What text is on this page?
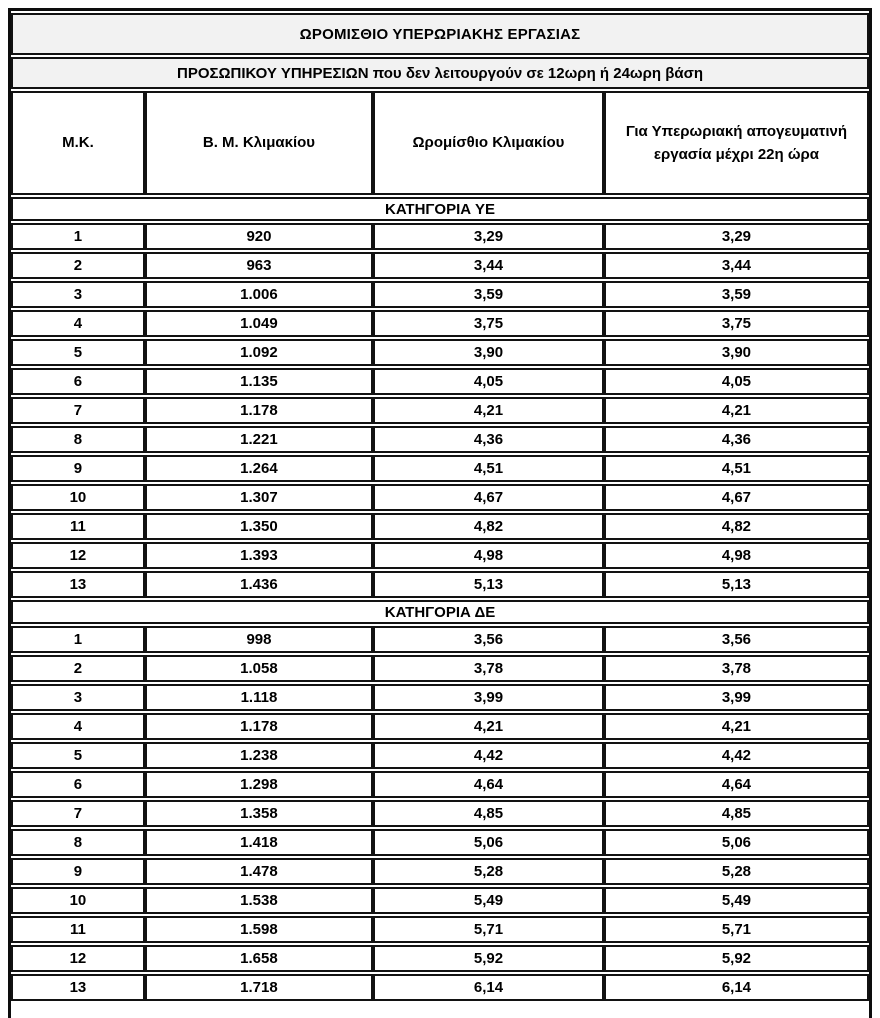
ΩΡΟΜΙΣΘΙΟ ΥΠΕΡΩΡΙΑΚΗΣ ΕΡΓΑΣΙΑΣ			
ΠΡΟΣΩΠΙΚΟΥ ΥΠΗΡΕΣΙΩΝ που δεν λειτουργούν σε 12ωρη ή 24ωρη βάση			
Μ.Κ.	Β. Μ. Κλιμακίου	Ωρομίσθιο Κλιμακίου	Για Υπερωριακή απογευματινή εργασία μέχρι 22η ώρα
ΚΑΤΗΓΟΡΙΑ ΥΕ			
1	920	3,29	3,29
2	963	3,44	3,44
3	1.006	3,59	3,59
4	1.049	3,75	3,75
5	1.092	3,90	3,90
6	1.135	4,05	4,05
7	1.178	4,21	4,21
8	1.221	4,36	4,36
9	1.264	4,51	4,51
10	1.307	4,67	4,67
11	1.350	4,82	4,82
12	1.393	4,98	4,98
13	1.436	5,13	5,13
ΚΑΤΗΓΟΡΙΑ ΔΕ			
1	998	3,56	3,56
2	1.058	3,78	3,78
3	1.118	3,99	3,99
4	1.178	4,21	4,21
5	1.238	4,42	4,42
6	1.298	4,64	4,64
7	1.358	4,85	4,85
8	1.418	5,06	5,06
9	1.478	5,28	5,28
10	1.538	5,49	5,49
11	1.598	5,71	5,71
12	1.658	5,92	5,92
13	1.718	6,14	6,14
